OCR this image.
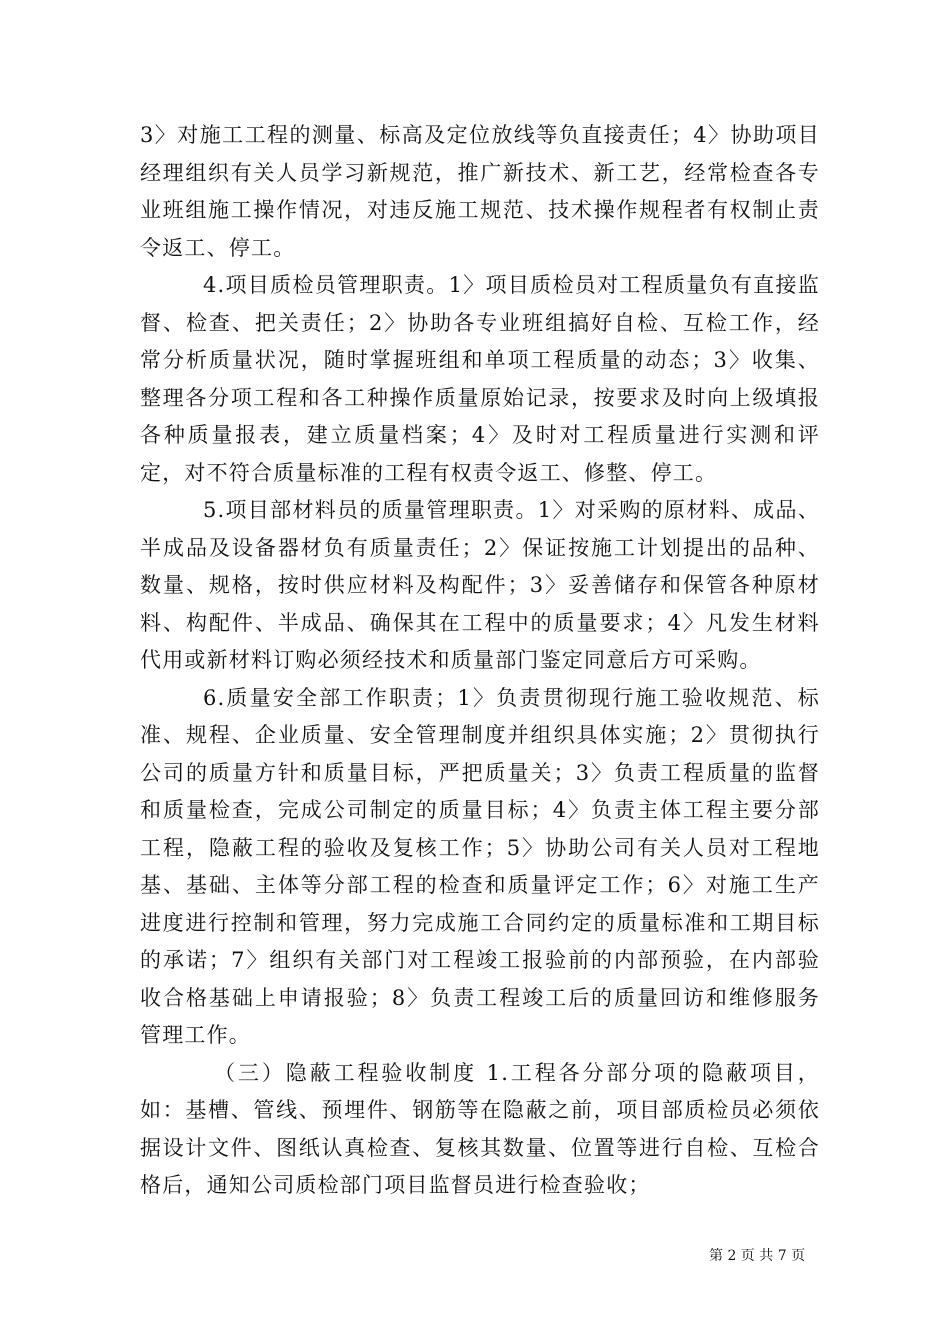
3〉对施工工程的测量、标高及定位放线等负直接责任；4〉协助项目经理组织有关人员学习新规范，推广新技术、新工艺，经常检查各专业班组施工操作情况，对违反施工规范、技术操作规程者有权制止责令返工、停工。

4.项目质检员管理职责。1〉项目质检员对工程质量负有直接监督、检查、把关责任；2〉协助各专业班组搞好自检、互检工作，经常分析质量状况，随时掌握班组和单项工程质量的动态；3〉收集、整理各分项工程和各工种操作质量原始记录，按要求及时向上级填报各种质量报表，建立质量档案；4〉及时对工程质量进行实测和评定，对不符合质量标准的工程有权责令返工、修整、停工。

5.项目部材料员的质量管理职责。1〉对采购的原材料、成品、半成品及设备器材负有质量责任；2〉保证按施工计划提出的品种、数量、规格，按时供应材料及构配件；3〉妥善储存和保管各种原材料、构配件、半成品、确保其在工程中的质量要求；4〉凡发生材料代用或新材料订购必须经技术和质量部门鉴定同意后方可采购。

6.质量安全部工作职责；1〉负责贯彻现行施工验收规范、标准、规程、企业质量、安全管理制度并组织具体实施；2〉贯彻执行公司的质量方针和质量目标，严把质量关；3〉负责工程质量的监督和质量检查，完成公司制定的质量目标；4〉负责主体工程主要分部工程，隐蔽工程的验收及复核工作；5〉协助公司有关人员对工程地基、基础、主体等分部工程的检查和质量评定工作；6〉对施工生产进度进行控制和管理，努力完成施工合同约定的质量标准和工期目标的承诺；7〉组织有关部门对工程竣工报验前的内部预验，在内部验收合格基础上申请报验；8〉负责工程竣工后的质量回访和维修服务管理工作。

（三）隐蔽工程验收制度 1.工程各分部分项的隐蔽项目，如：基槽、管线、预埋件、钢筋等在隐蔽之前，项目部质检员必须依据设计文件、图纸认真检查、复核其数量、位置等进行自检、互检合格后，通知公司质检部门项目监督员进行检查验收；

第 2 页 共 7 页
